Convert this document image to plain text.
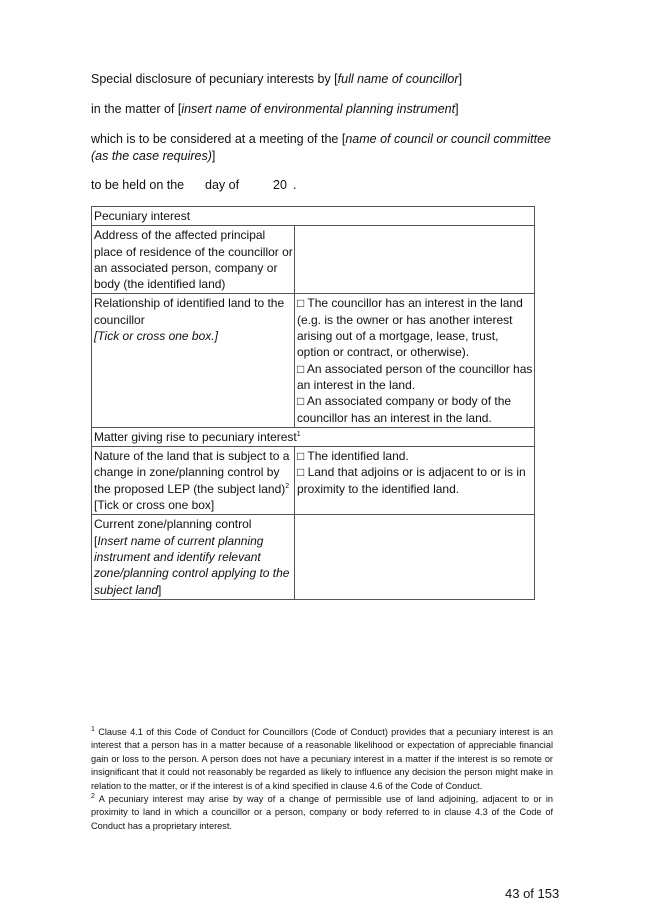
Special disclosure of pecuniary interests by [full name of councillor]
in the matter of [insert name of environmental planning instrument]
which is to be considered at a meeting of the [name of council or council committee (as the case requires)]
to be held on the day of	20 .
Pecuniary interest	
Address of the affected principal place of residence of the councillor or an associated person, company or body (the identified land)	
Relationship of identified land to the councillor
[Tick or cross one box.]	□ The councillor has an interest in the land (e.g. is the owner or has another interest arising out of a mortgage, lease, trust, option or contract, or otherwise).
□ An associated person of the councillor has an interest in the land.
□ An associated company or body of the councillor has an interest in the land.

Matter giving rise to pecuniary interest$^1$
Nature of the land that is subject to a change in zone/planning control by the proposed LEP (the subject land)$^2$
[Tick or cross one box]	□ The identified land.
□ Land that adjoins or is adjacent to or is in proximity to the identified land.

Current zone/planning control
[Insert name of current planning instrument and identify relevant zone/planning control applying to the subject land]	

$^1$ Clause 4.1 of this Code of Conduct for Councillors (Code of Conduct) provides that a pecuniary interest is an interest that a person has in a matter because of a reasonable likelihood or expectation of appreciable financial gain or loss to the person. A person does not have a pecuniary interest in a matter if the interest is so remote or insignificant that it could not reasonably be regarded as likely to influence any decision the person might make in relation to the matter, or if the interest is of a kind specified in clause 4.6 of the Code of Conduct.

$^2$ A pecuniary interest may arise by way of a change of permissible use of land adjoining, adjacent to or in proximity to land in which a councillor or a person, company or body referred to in clause 4.3 of the Code of Conduct has a proprietary interest.

43 of 153
